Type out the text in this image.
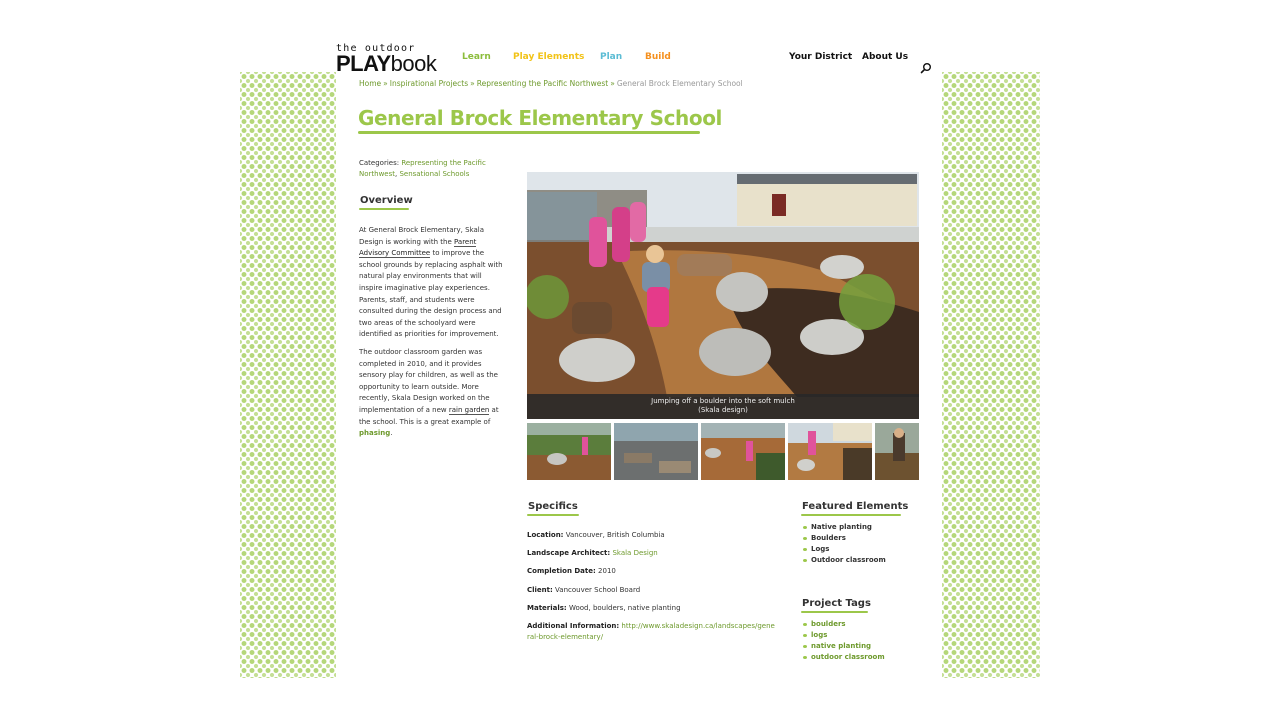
the outdoor
PLAYbook	Learn Play Elements Plan	Build	Your District About Us
Home » Inspirational Projects » Representing the Pacific Northwest » General Brock Elementary School
General Brock Elementary School
Categories: Representing the Pacific Northwest, Sensational Schools
Overview

At General Brock Elementary, Skala Design is working with the Parent Advisory Committee to improve the school grounds by replacing asphalt with natural play environments that will inspire imaginative play experiences. Parents, staff, and students were consulted during the design process and two areas of the schoolyard were identified as priorities for improvement.

The outdoor classroom garden was completed in 2010, and it provides sensory play for children, as well as the opportunity to learn outside. More recently, Skala Design worked on the implementation of a new rain garden at the school. This is a great example of phasing.

Jumping off a boulder into the soft mulch
(Skala design)
Specifics
Location: Vancouver, British Columbia
Landscape Architect: Skala Design
Completion Date: 2010
Client: Vancouver School Board
Materials: Wood, boulders, native planting
Additional Information: http://www.skaladesign.ca/landscapes/general-brock-elementary/
Featured Elements
Native planting
Boulders
Logs
Outdoor classroom
Project Tags
boulders
logs
native planting
outdoor classroom
